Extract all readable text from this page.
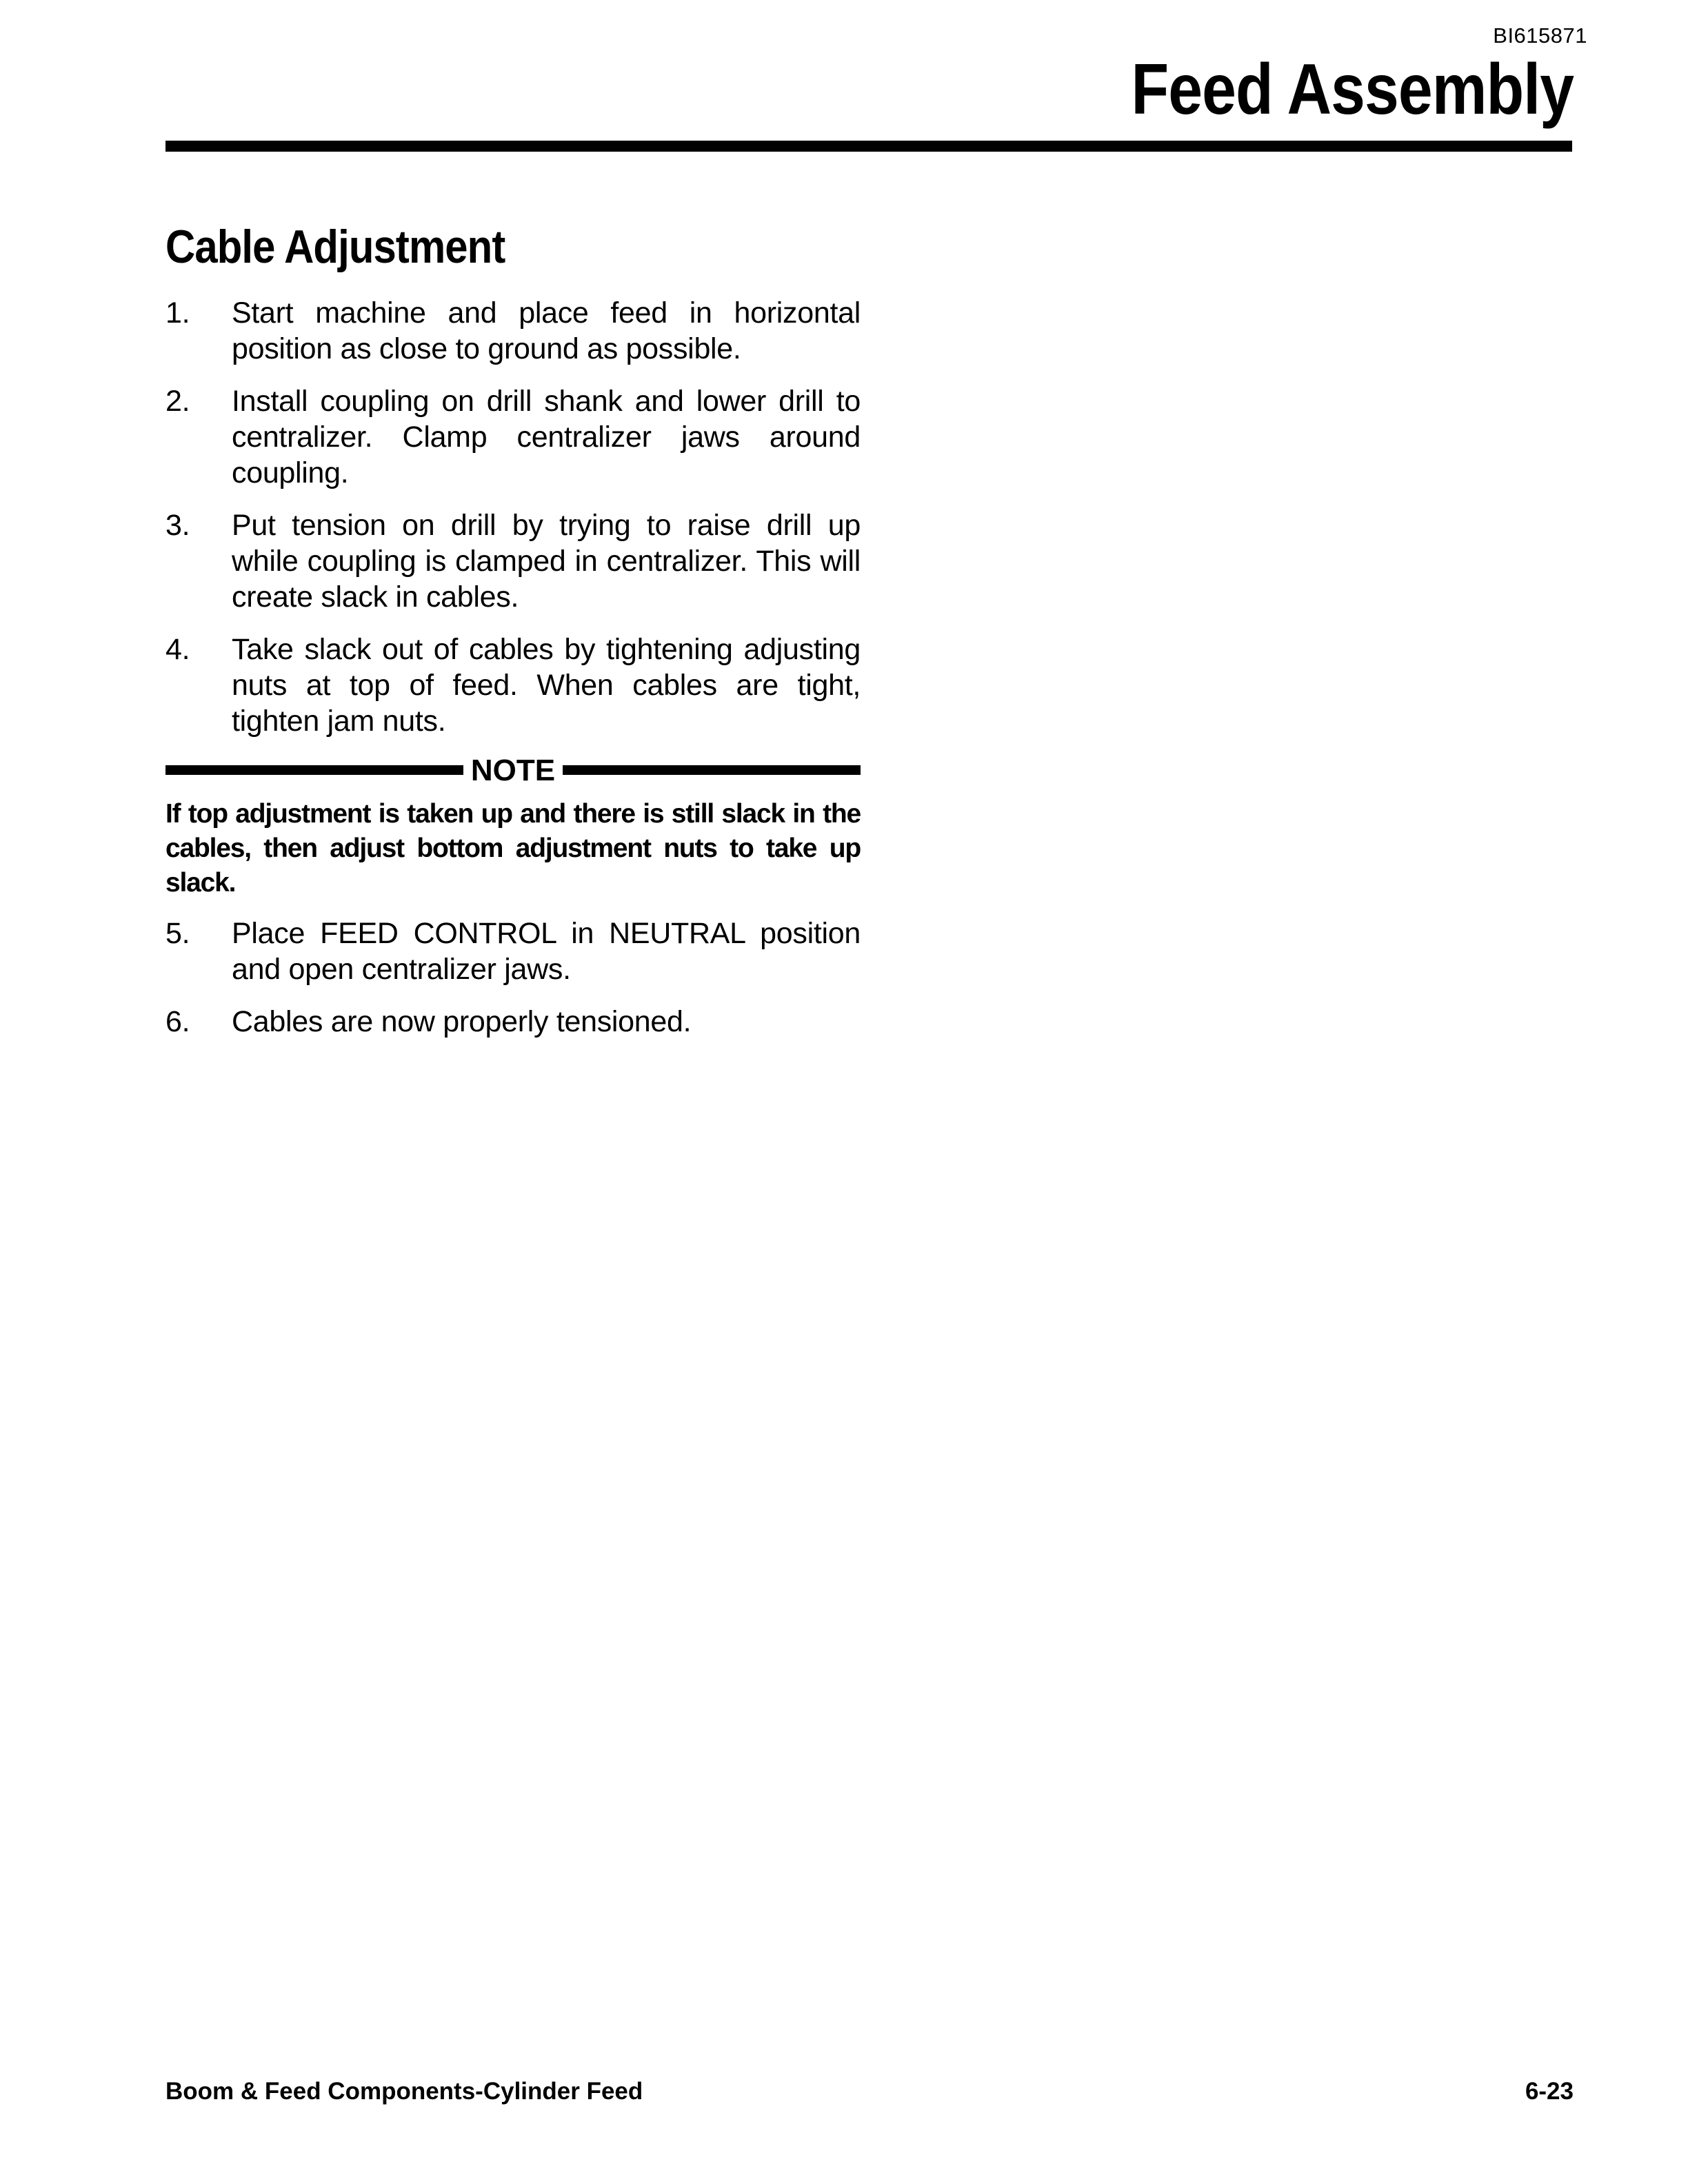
BI615871
Feed Assembly
Cable Adjustment
1. Start machine and place feed in horizontal position as close to ground as possible.
2. Install coupling on drill shank and lower drill to centralizer. Clamp centralizer jaws around coupling.
3. Put tension on drill by trying to raise drill up while coupling is clamped in centralizer. This will create slack in cables.
4. Take slack out of cables by tightening adjusting nuts at top of feed. When cables are tight, tighten jam nuts.
NOTE
If top adjustment is taken up and there is still slack in the cables, then adjust bottom adjustment nuts to take up slack.
5. Place FEED CONTROL in NEUTRAL position and open centralizer jaws.
6. Cables are now properly tensioned.
Boom & Feed Components-Cylinder Feed	6-23
